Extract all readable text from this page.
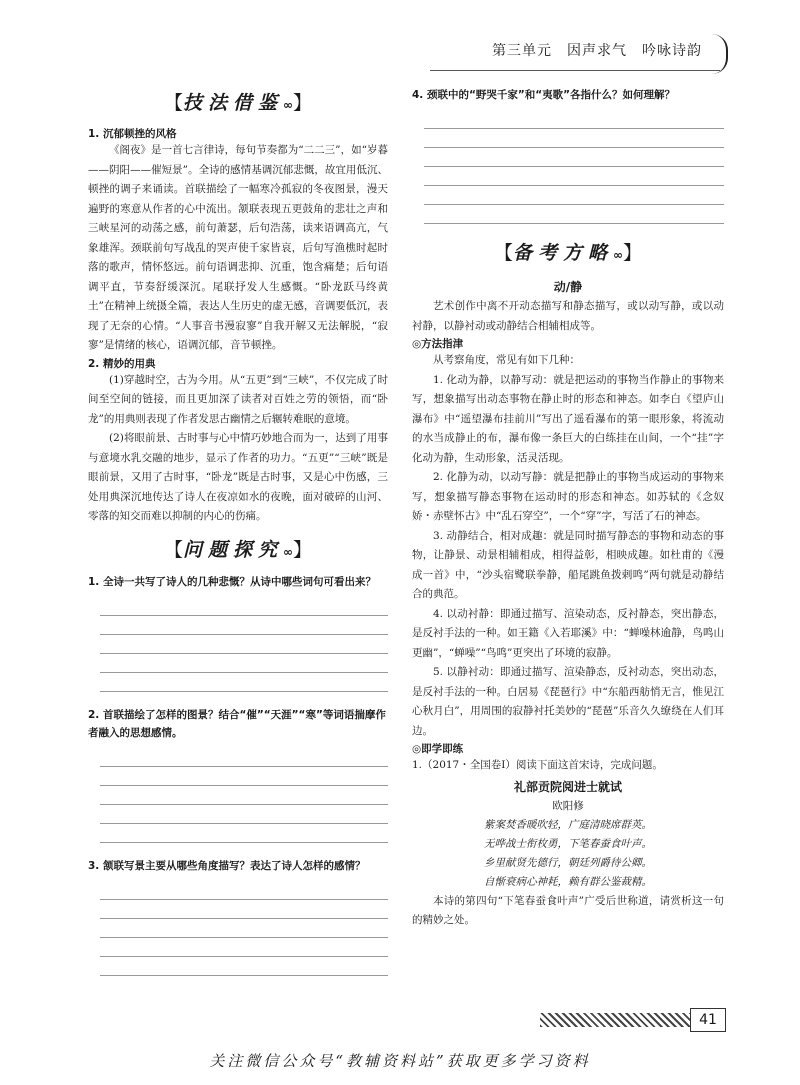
第三单元　因声求气　吟咏诗韵
【技法借鉴∞】

1. 沉郁顿挫的风格

《阁夜》是一首七言律诗，每句节奏都为“二二三”，如“岁暮——阴阳——催短景”。全诗的感情基调沉郁悲慨，故宜用低沉、顿挫的调子来诵读。首联描绘了一幅寒冷孤寂的冬夜图景，漫天遍野的寒意从作者的心中流出。颔联表现五更鼓角的悲壮之声和三峡星河的动荡之感，前句萧瑟，后句浩荡，读来语调高亢，气象雄浑。颈联前句写战乱的哭声使千家皆哀，后句写渔樵时起时落的歌声，情怀悠远。前句语调悲抑、沉重，饱含痛楚；后句语调平直，节奏舒缓深沉。尾联抒发人生感慨。“卧龙跃马终黄土”在精神上统摄全篇，表达人生历史的虚无感，音调要低沉，表现了无奈的心情。“人事音书漫寂寥”自我开解又无法解脱，“寂寥”是情绪的核心，语调沉郁，音节顿挫。

2. 精妙的用典

(1)穿越时空，古为今用。从“五更”到“三峡”，不仅完成了时间至空间的链接，而且更加深了读者对百姓之劳的领悟，而“卧龙”的用典则表现了作者发思古幽情之后辗转难眠的意境。

(2)将眼前景、古时事与心中情巧妙地合而为一，达到了用事与意境水乳交融的地步，显示了作者的功力。“五更”“三峡”既是眼前景，又用了古时事，“卧龙”既是古时事，又是心中伤感，三处用典深沉地传达了诗人在夜凉如水的夜晚，面对破碎的山河、零落的知交而难以抑制的内心的伤痛。

【问题探究∞】

1. 全诗一共写了诗人的几种悲慨？从诗中哪些词句可看出来？

2. 首联描绘了怎样的图景？结合“催”“天涯”“寒”等词语揣摩作者融入的思想感情。

3. 颔联写景主要从哪些角度描写？表达了诗人怎样的感情？

4. 颈联中的“野哭千家”和“夷歌”各指什么？如何理解？

【备考方略∞】

动/静

艺术创作中离不开动态描写和静态描写，或以动写静，或以动衬静，以静衬动或动静结合相辅相成等。

◎方法指津

从考察角度，常见有如下几种：

1. 化动为静，以静写动：就是把运动的事物当作静止的事物来写，想象描写出动态事物在静止时的形态和神态。如李白《望庐山瀑布》中“遥望瀑布挂前川”写出了遥看瀑布的第一眼形象，将流动的水当成静止的布，瀑布像一条巨大的白练挂在山间，一个“挂”字化动为静，生动形象，活灵活现。

2. 化静为动，以动写静：就是把静止的事物当成运动的事物来写，想象描写静态事物在运动时的形态和神态。如苏轼的《念奴娇・赤壁怀古》中“乱石穿空”，一个“穿”字，写活了石的神态。

3. 动静结合，相对成趣：就是同时描写静态的事物和动态的事物，让静景、动景相辅相成，相得益彰，相映成趣。如杜甫的《漫成一首》中，“沙头宿鹭联拳静，船尾跳鱼拨剌鸣”两句就是动静结合的典范。

4. 以动衬静：即通过描写、渲染动态，反衬静态，突出静态，是反衬手法的一种。如王籍《入若耶溪》中：“蝉噪林逾静，鸟鸣山更幽”，“蝉噪”“鸟鸣”更突出了环境的寂静。

5. 以静衬动：即通过描写、渲染静态，反衬动态，突出动态，是反衬手法的一种。白居易《琵琶行》中“东船西舫悄无言，惟见江心秋月白”，用周围的寂静衬托美妙的“琵琶”乐音久久缭绕在人们耳边。

◎即学即练

1.（2017・全国卷Ⅰ）阅读下面这首宋诗，完成问题。

礼部贡院阅进士就试

欧阳修

紫案焚香暖吹轻，广庭清晓席群英。

无哗战士衔枚勇，下笔春蚕食叶声。

乡里献贤先德行，朝廷列爵待公卿。

自惭衰病心神耗，赖有群公鉴裁精。

本诗的第四句“下笔春蚕食叶声”广受后世称道，请赏析这一句的精妙之处。

41
关注微信公众号“教辅资料站”获取更多学习资料
